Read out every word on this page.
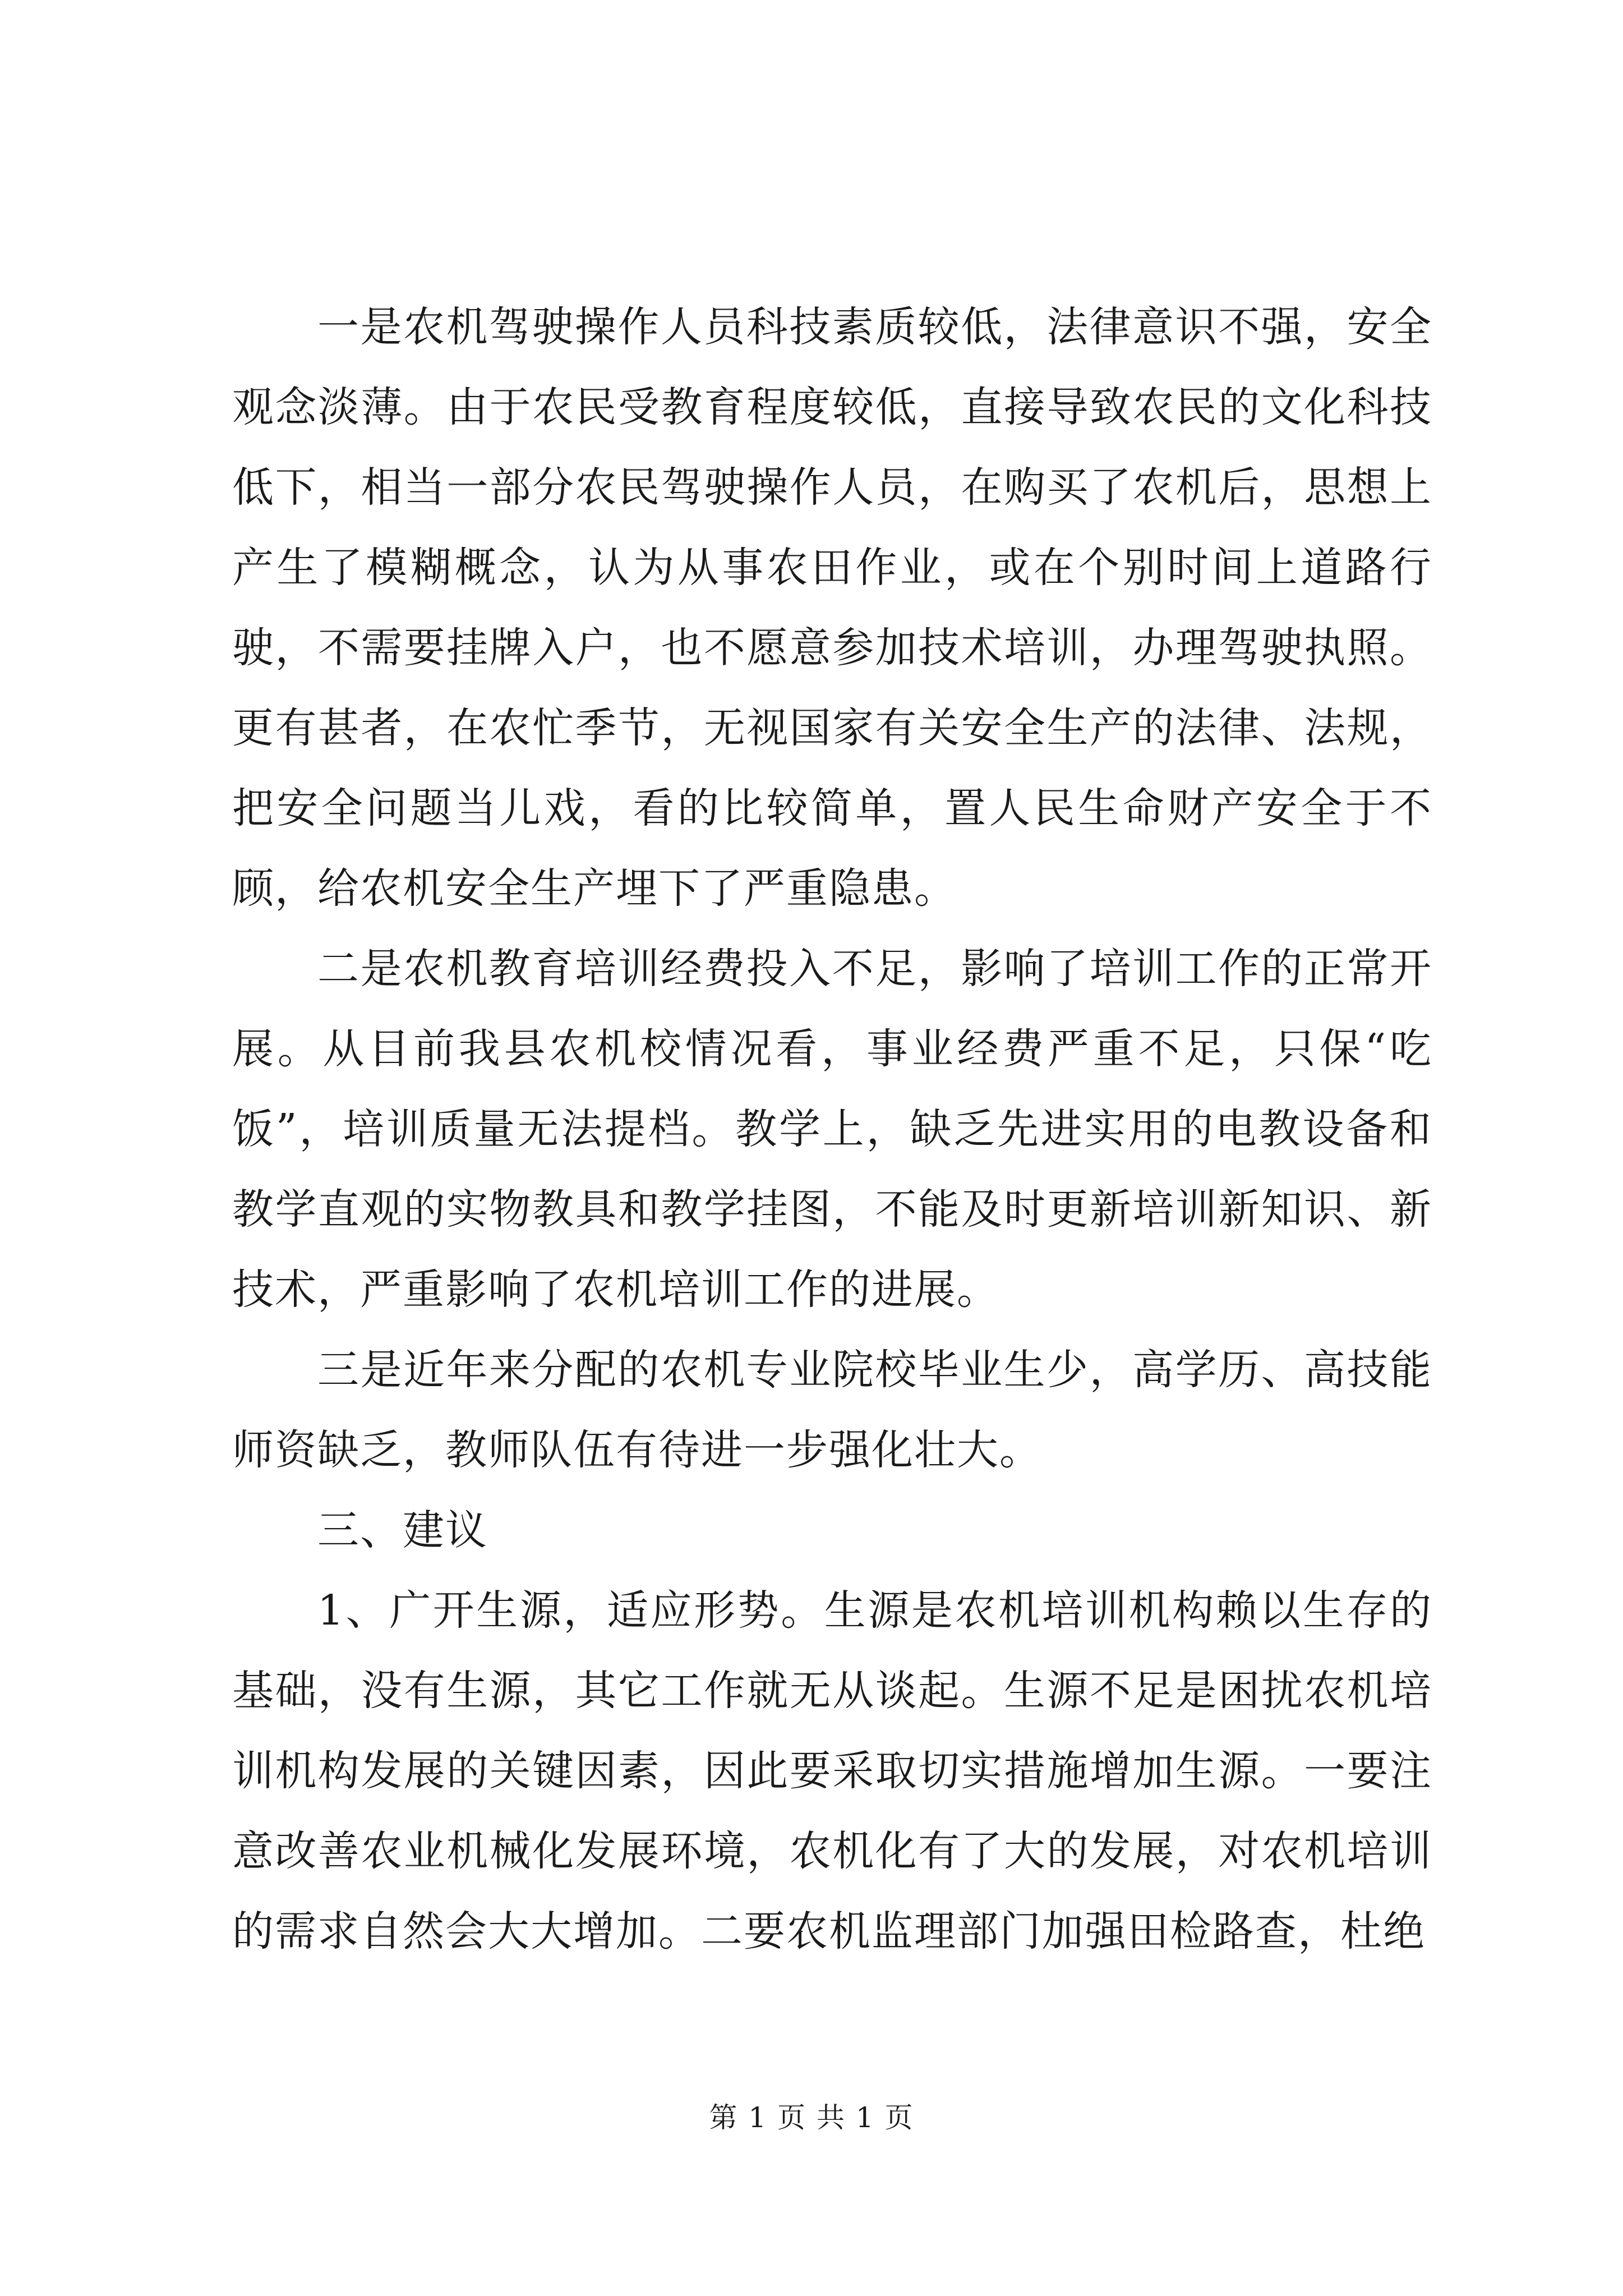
一是农机驾驶操作人员科技素质较低，法律意识不强，安全观念淡薄。由于农民受教育程度较低，直接导致农民的文化科技低下，相当一部分农民驾驶操作人员，在购买了农机后，思想上产生了模糊概念，认为从事农田作业，或在个别时间上道路行驶，不需要挂牌入户，也不愿意参加技术培训，办理驾驶执照。更有甚者，在农忙季节，无视国家有关安全生产的法律、法规，把安全问题当儿戏，看的比较简单，置人民生命财产安全于不顾，给农机安全生产埋下了严重隐患。

二是农机教育培训经费投入不足，影响了培训工作的正常开展。从目前我县农机校情况看，事业经费严重不足，只保“吃饭”，培训质量无法提档。教学上，缺乏先进实用的电教设备和教学直观的实物教具和教学挂图，不能及时更新培训新知识、新技术，严重影响了农机培训工作的进展。

三是近年来分配的农机专业院校毕业生少，高学历、高技能师资缺乏，教师队伍有待进一步强化壮大。

三、建议

1、广开生源，适应形势。生源是农机培训机构赖以生存的基础，没有生源，其它工作就无从谈起。生源不足是困扰农机培训机构发展的关键因素，因此要采取切实措施增加生源。一要注意改善农业机械化发展环境，农机化有了大的发展，对农机培训的需求自然会大大增加。二要农机监理部门加强田检路查，杜绝

第 1 页 共 1 页
